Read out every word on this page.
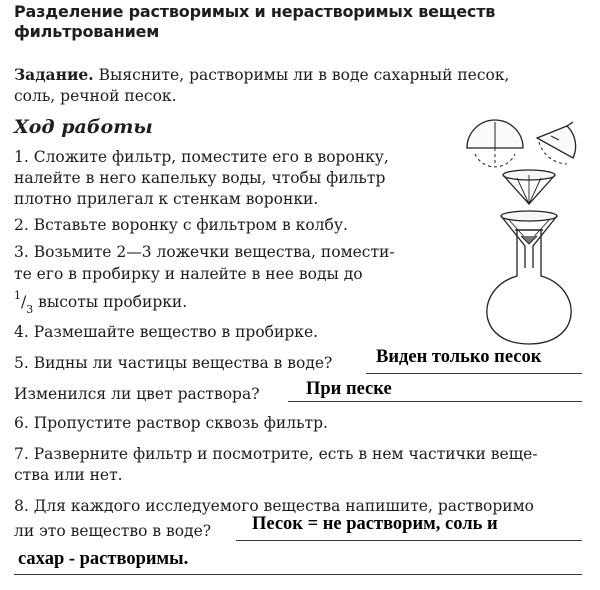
Разделение растворимых и нерастворимых веществ
фильтрованием
Задание. Выясните, растворимы ли в воде сахарный песок,
соль, речной песок.
Ход работы
1. Сложите фильтр, поместите его в воронку,
налейте в него капельку воды, чтобы фильтр
плотно прилегал к стенкам воронки.
2. Вставьте воронку с фильтром в колбу.
3. Возьмите 2—3 ложечки вещества, помести-
те его в пробирку и налейте в нее воды до
$^1/_3$ высоты пробирки.
4. Размешайте вещество в пробирке.
5. Видны ли частицы вещества в воде? Виден только песок
Изменился ли цвет раствора?	При песке
6. Пропустите раствор сквозь фильтр.
7. Разверните фильтр и посмотрите, есть в нем частички веще-
ства или нет.
8. Для каждого исследуемого вещества напишите, растворимо
ли это вещество в воде? Песок = не растворим, соль и
сахар - растворимы.
